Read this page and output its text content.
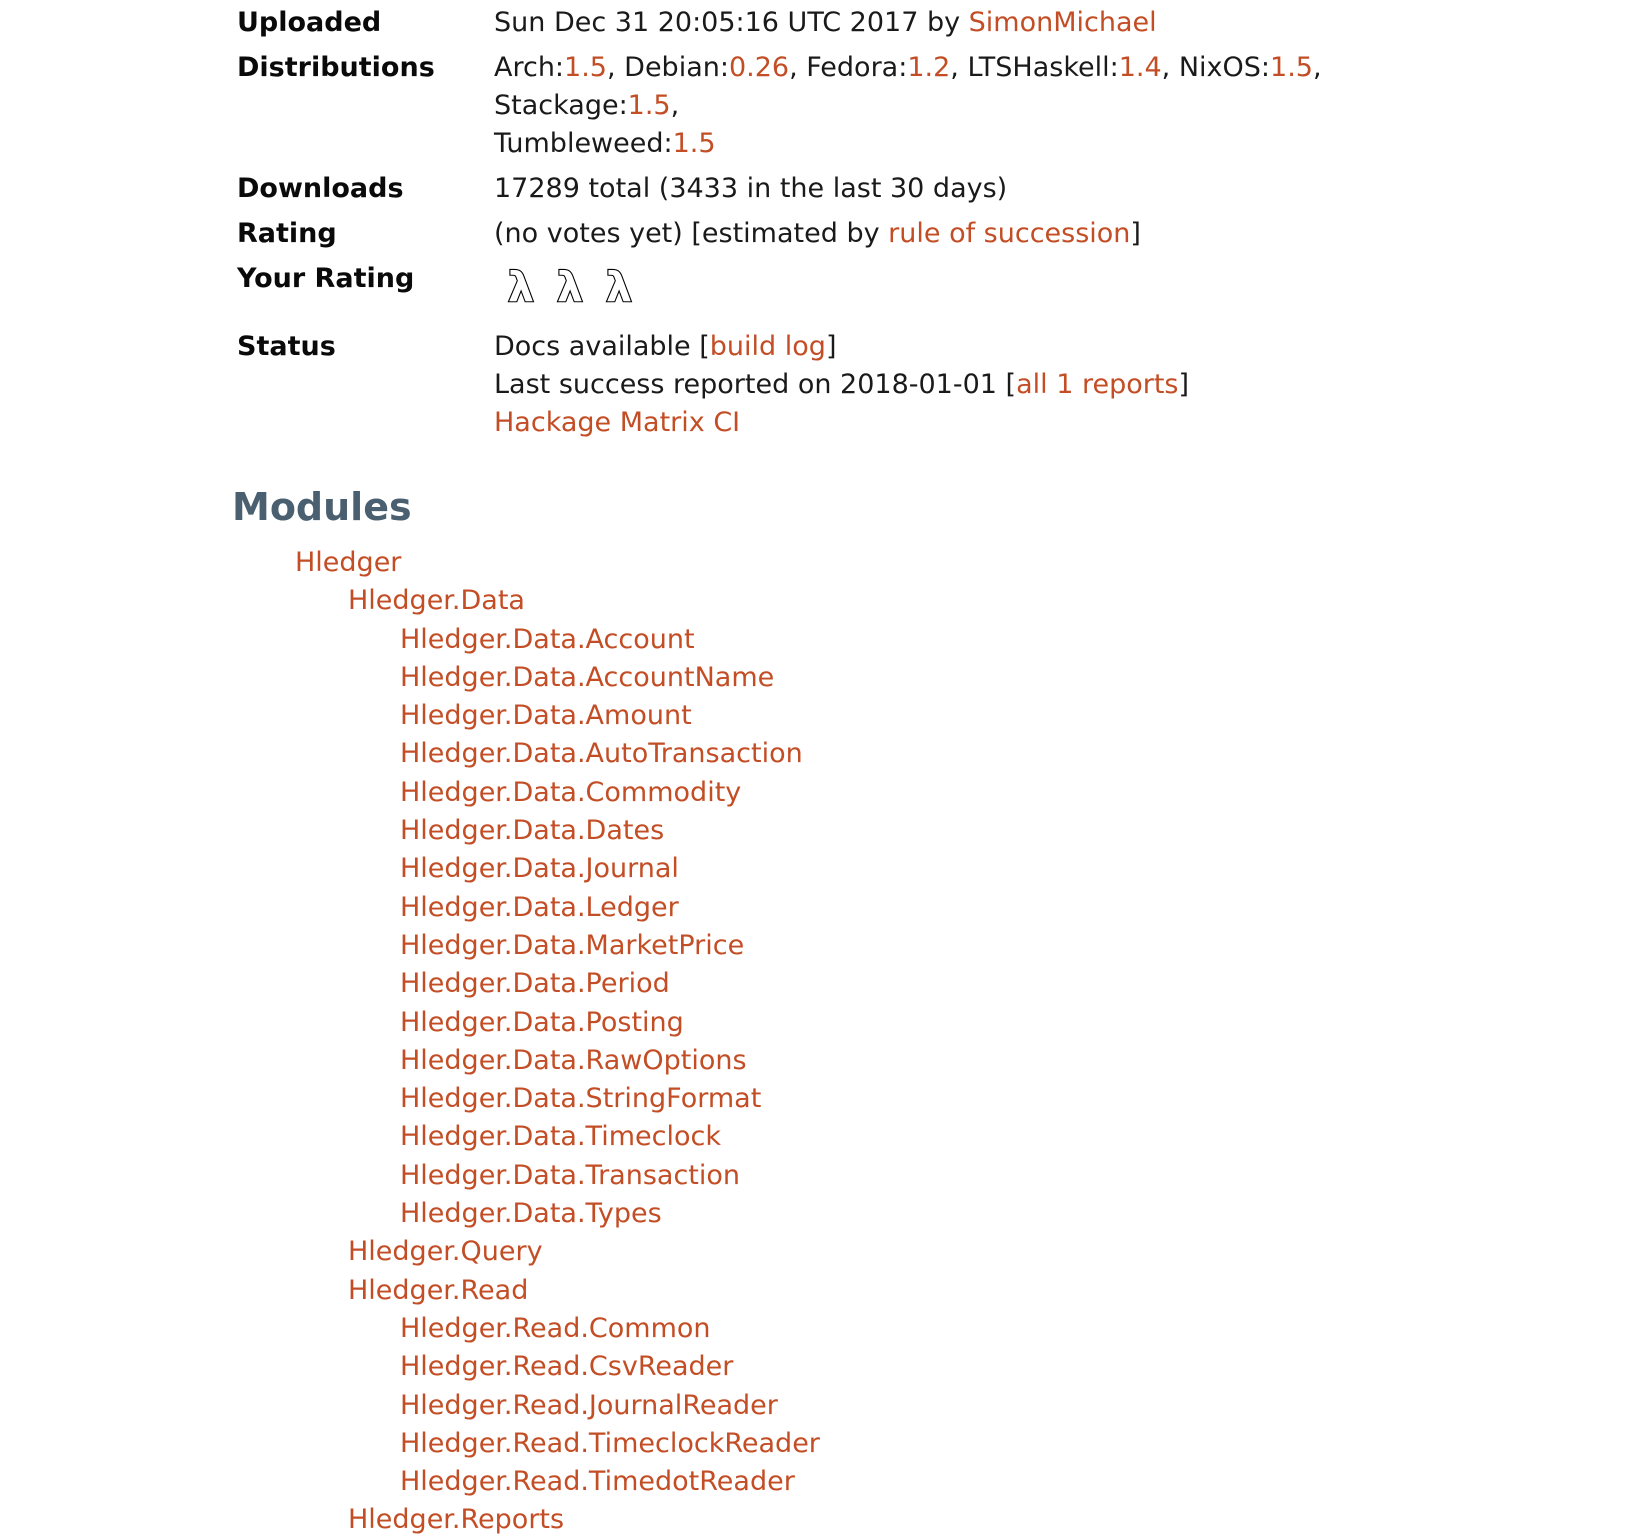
Uploaded	Sun Dec 31 20:05:16 UTC 2017 by SimonMichael
Distributions	Arch:1.5, Debian:0.26, Fedora:1.2, LTSHaskell:1.4, NixOS:1.5, Stackage:1.5,
Tumbleweed:1.5
Downloads	17289 total (3433 in the last 30 days)
Rating	(no votes yet) [estimated by rule of succession]
Your Rating	λ λ λ
Status	Docs available [build log]
Last success reported on 2018-01-01 [all 1 reports]
Hackage Matrix CI
Modules
Hledger
Hledger.Data
Hledger.Data.Account
Hledger.Data.AccountName
Hledger.Data.Amount
Hledger.Data.AutoTransaction
Hledger.Data.Commodity
Hledger.Data.Dates
Hledger.Data.Journal
Hledger.Data.Ledger
Hledger.Data.MarketPrice
Hledger.Data.Period
Hledger.Data.Posting
Hledger.Data.RawOptions
Hledger.Data.StringFormat
Hledger.Data.Timeclock
Hledger.Data.Transaction
Hledger.Data.Types
Hledger.Query
Hledger.Read
Hledger.Read.Common
Hledger.Read.CsvReader
Hledger.Read.JournalReader
Hledger.Read.TimeclockReader
Hledger.Read.TimedotReader
Hledger.Reports
